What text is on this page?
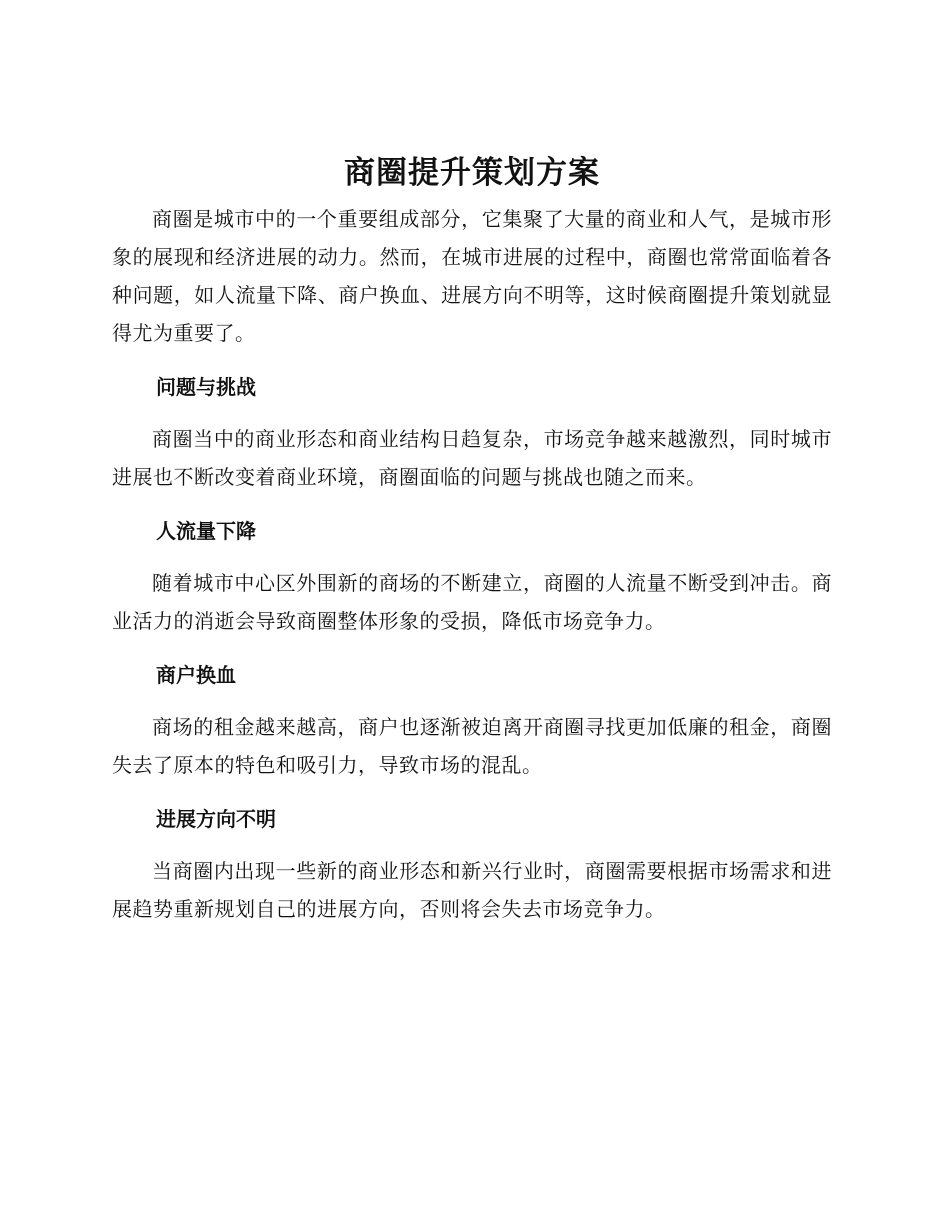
商圈提升策划方案

商圈是城市中的一个重要组成部分，它集聚了大量的商业和人气，是城市形象的展现和经济进展的动力。然而，在城市进展的过程中，商圈也常常面临着各种问题，如人流量下降、商户换血、进展方向不明等，这时候商圈提升策划就显得尤为重要了。

问题与挑战

商圈当中的商业形态和商业结构日趋复杂，市场竞争越来越激烈，同时城市进展也不断改变着商业环境，商圈面临的问题与挑战也随之而来。

人流量下降

随着城市中心区外围新的商场的不断建立，商圈的人流量不断受到冲击。商业活力的消逝会导致商圈整体形象的受损，降低市场竞争力。

商户换血

商场的租金越来越高，商户也逐渐被迫离开商圈寻找更加低廉的租金，商圈失去了原本的特色和吸引力，导致市场的混乱。

进展方向不明

当商圈内出现一些新的商业形态和新兴行业时，商圈需要根据市场需求和进展趋势重新规划自己的进展方向，否则将会失去市场竞争力。
